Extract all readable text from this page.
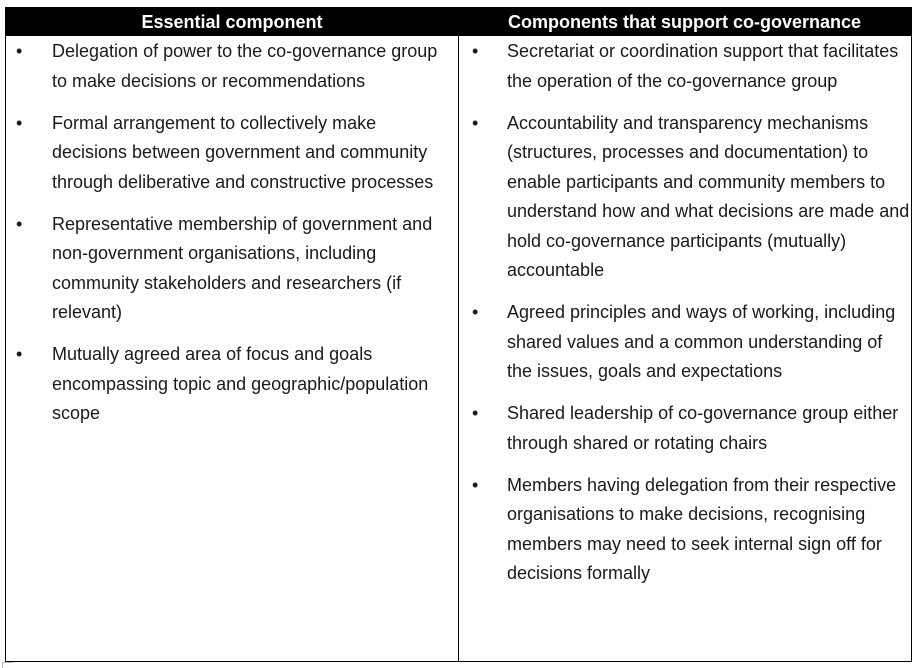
Essential component	Components that support co-governance
• Delegation of power to the co-governance group to make decisions or recommendations
• Formal arrangement to collectively make decisions between government and community through deliberative and constructive processes
• Representative membership of government and non-government organisations, including community stakeholders and researchers (if relevant)
• Mutually agreed area of focus and goals encompassing topic and geographic/population scope
• Secretariat or coordination support that facilitates the operation of the co-governance group
• Accountability and transparency mechanisms (structures, processes and documentation) to enable participants and community members to understand how and what decisions are made and hold co-governance participants (mutually) accountable
• Agreed principles and ways of working, including shared values and a common understanding of the issues, goals and expectations
• Shared leadership of co-governance group either through shared or rotating chairs
• Members having delegation from their respective organisations to make decisions, recognising members may need to seek internal sign off for decisions formally
